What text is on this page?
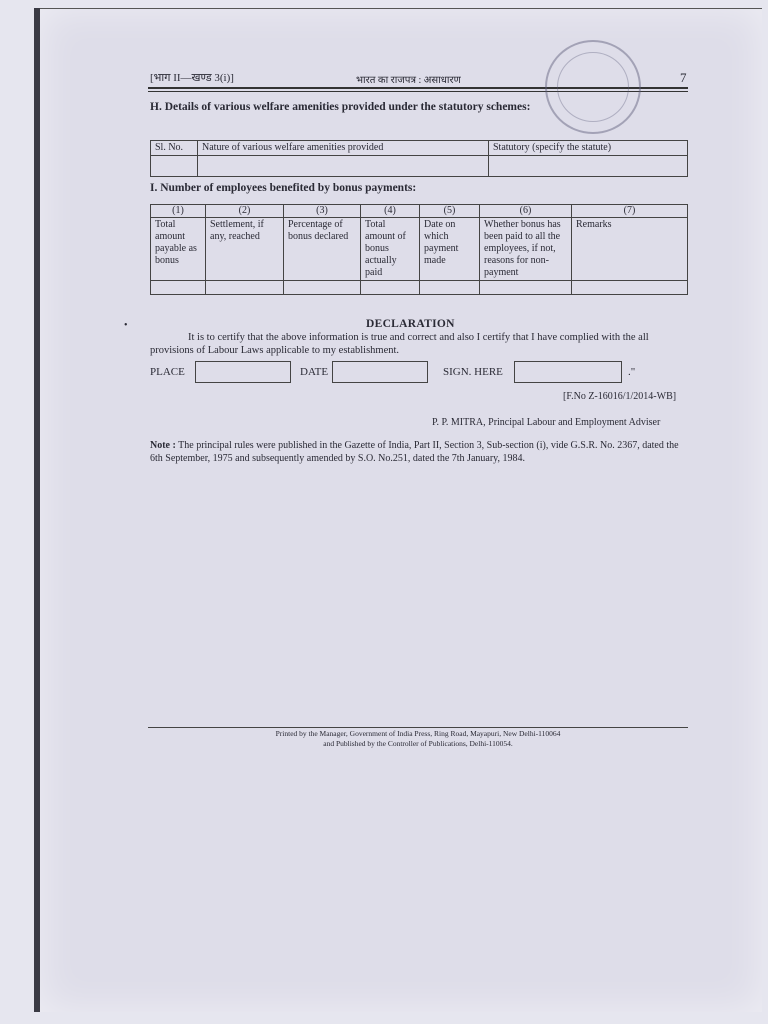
[भाग II—खण्ड 3(i)]	भारत का राजपत्र : असाधारण	7
H. Details of various welfare amenities provided under the statutory schemes:
Sl. No.	Nature of various welfare amenities provided	Statutory (specify the statute)

I. Number of employees benefited by bonus payments:
(1)	(2)	(3)	(4)	(5)	(6)	(7)
Total amount payable as bonus	Settlement, if any, reached	Percentage of bonus declared	Total amount of bonus actually paid	Date on which payment made	Whether bonus has been paid to all the employees, if not, reasons for non-payment	Remarks

•	DECLARATION
It is to certify that the above information is true and correct and also I certify that I have complied with the all provisions of Labour Laws applicable to my establishment.
PLACE	DATE	SIGN. HERE	."
[F.No Z-16016/1/2014-WB]
P. P. MITRA, Principal Labour and Employment Adviser
Note : The principal rules were published in the Gazette of India, Part II, Section 3, Sub-section (i), vide G.S.R. No. 2367, dated the 6th September, 1975 and subsequently amended by S.O. No.251, dated the 7th January, 1984.
Printed by the Manager, Government of India Press, Ring Road, Mayapuri, New Delhi-110064
and Published by the Controller of Publications, Delhi-110054.
